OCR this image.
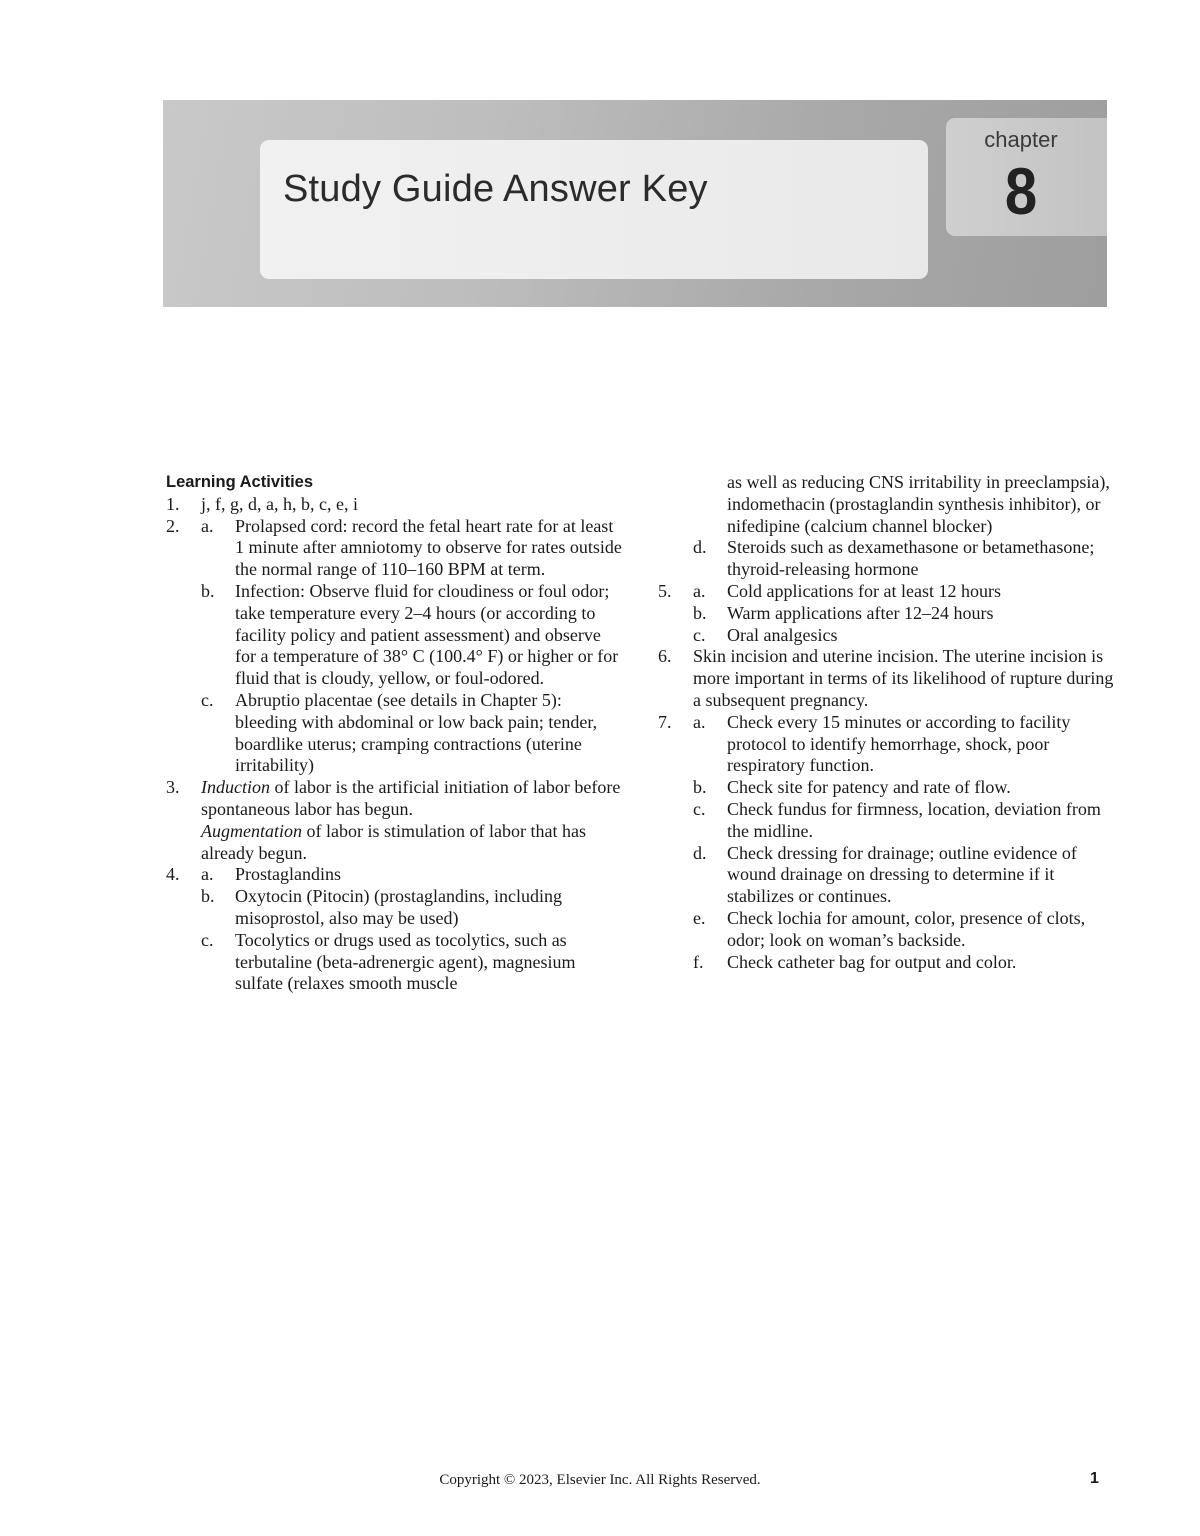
Study Guide Answer Key
chapter
8
Learning Activities
1. j, f, g, d, a, h, b, c, e, i
2. a. Prolapsed cord: record the fetal heart rate for at least 1 minute after amniotomy to observe for rates outside the normal range of 110–160 BPM at term.
b. Infection: Observe fluid for cloudiness or foul odor; take temperature every 2–4 hours (or according to facility policy and patient assessment) and observe for a temperature of 38° C (100.4° F) or higher or for fluid that is cloudy, yellow, or foul-odored.
c. Abruptio placentae (see details in Chapter 5): bleeding with abdominal or low back pain; tender, boardlike uterus; cramping contractions (uterine irritability)
3. Induction of labor is the artificial initiation of labor before spontaneous labor has begun.
Augmentation of labor is stimulation of labor that has already begun.
4. a. Prostaglandins
b. Oxytocin (Pitocin) (prostaglandins, including misoprostol, also may be used)
c. Tocolytics or drugs used as tocolytics, such as terbutaline (beta-adrenergic agent), magnesium sulfate (relaxes smooth muscle
as well as reducing CNS irritability in preeclampsia), indomethacin (prostaglandin synthesis inhibitor), or nifedipine (calcium channel blocker)
d. Steroids such as dexamethasone or betamethasone; thyroid-releasing hormone
5. a. Cold applications for at least 12 hours
b. Warm applications after 12–24 hours
c. Oral analgesics
6. Skin incision and uterine incision. The uterine incision is more important in terms of its likelihood of rupture during a subsequent pregnancy.
7. a. Check every 15 minutes or according to facility protocol to identify hemorrhage, shock, poor respiratory function.
b. Check site for patency and rate of flow.
c. Check fundus for firmness, location, deviation from the midline.
d. Check dressing for drainage; outline evidence of wound drainage on dressing to determine if it stabilizes or continues.
e. Check lochia for amount, color, presence of clots, odor; look on woman’s backside.
f. Check catheter bag for output and color.
Copyright © 2023, Elsevier Inc. All Rights Reserved.	1
